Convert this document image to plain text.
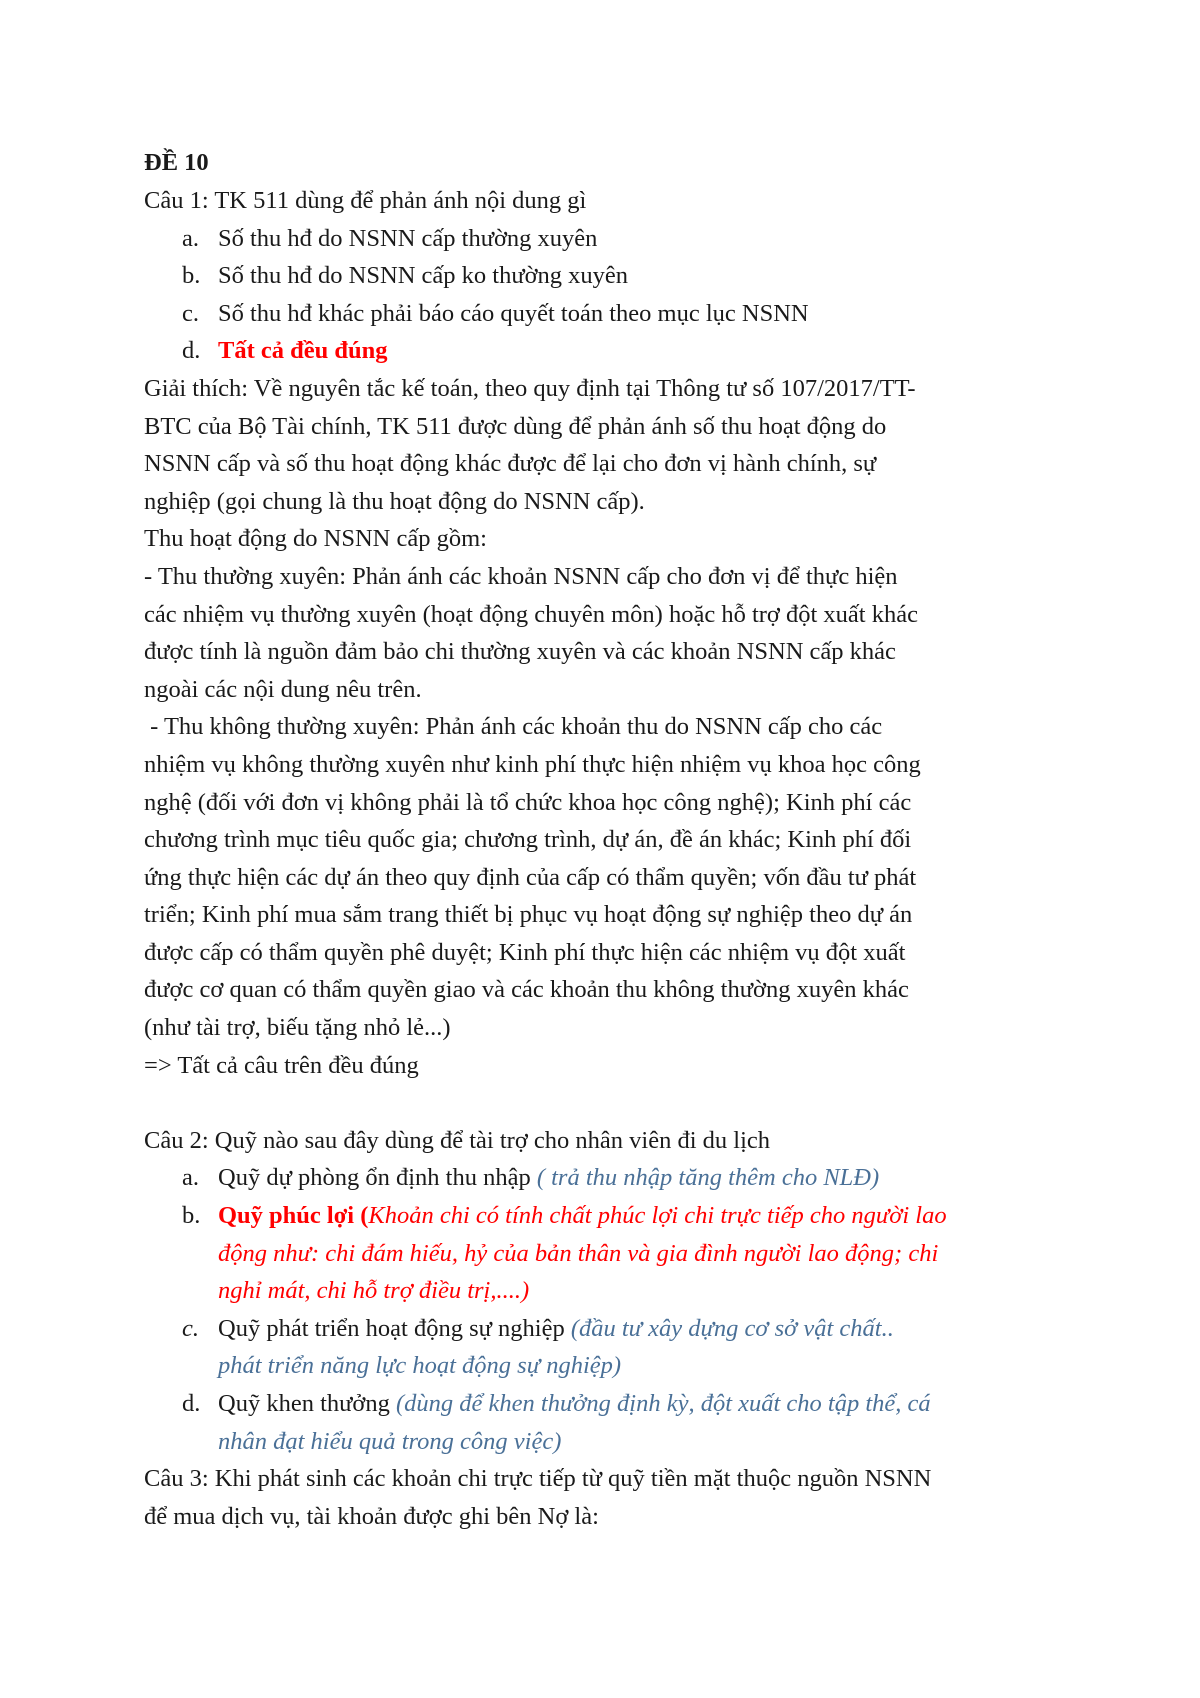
ĐỀ 10
Câu 1: TK 511 dùng để phản ánh nội dung gì
a. Số thu hđ do NSNN cấp thường xuyên
b. Số thu hđ do NSNN cấp ko thường xuyên
c. Số thu hđ khác phải báo cáo quyết toán theo mục lục NSNN
d. Tất cả đều đúng
Giải thích: Về nguyên tắc kế toán, theo quy định tại Thông tư số 107/2017/TT-
BTC của Bộ Tài chính, TK 511 được dùng để phản ánh số thu hoạt động do
NSNN cấp và số thu hoạt động khác được để lại cho đơn vị hành chính, sự
nghiệp (gọi chung là thu hoạt động do NSNN cấp).
Thu hoạt động do NSNN cấp gồm:
- Thu thường xuyên: Phản ánh các khoản NSNN cấp cho đơn vị để thực hiện
các nhiệm vụ thường xuyên (hoạt động chuyên môn) hoặc hỗ trợ đột xuất khác
được tính là nguồn đảm bảo chi thường xuyên và các khoản NSNN cấp khác
ngoài các nội dung nêu trên.
- Thu không thường xuyên: Phản ánh các khoản thu do NSNN cấp cho các
nhiệm vụ không thường xuyên như kinh phí thực hiện nhiệm vụ khoa học công
nghệ (đối với đơn vị không phải là tổ chức khoa học công nghệ); Kinh phí các
chương trình mục tiêu quốc gia; chương trình, dự án, đề án khác; Kinh phí đối
ứng thực hiện các dự án theo quy định của cấp có thẩm quyền; vốn đầu tư phát
triển; Kinh phí mua sắm trang thiết bị phục vụ hoạt động sự nghiệp theo dự án
được cấp có thẩm quyền phê duyệt; Kinh phí thực hiện các nhiệm vụ đột xuất
được cơ quan có thẩm quyền giao và các khoản thu không thường xuyên khác
(như tài trợ, biếu tặng nhỏ lẻ...)
=> Tất cả câu trên đều đúng
Câu 2: Quỹ nào sau đây dùng để tài trợ cho nhân viên đi du lịch
a. Quỹ dự phòng ổn định thu nhập ( trả thu nhập tăng thêm cho NLĐ)
b. Quỹ phúc lợi (Khoản chi có tính chất phúc lợi chi trực tiếp cho người lao
động như: chi đám hiếu, hỷ của bản thân và gia đình người lao động; chi
nghỉ mát, chi hỗ trợ điều trị,....)
c. Quỹ phát triển hoạt động sự nghiệp (đầu tư xây dựng cơ sở vật chất..
phát triển năng lực hoạt động sự nghiệp)
d. Quỹ khen thưởng (dùng để khen thưởng định kỳ, đột xuất cho tập thể, cá
nhân đạt hiểu quả trong công việc)
Câu 3: Khi phát sinh các khoản chi trực tiếp từ quỹ tiền mặt thuộc nguồn NSNN
để mua dịch vụ, tài khoản được ghi bên Nợ là:
